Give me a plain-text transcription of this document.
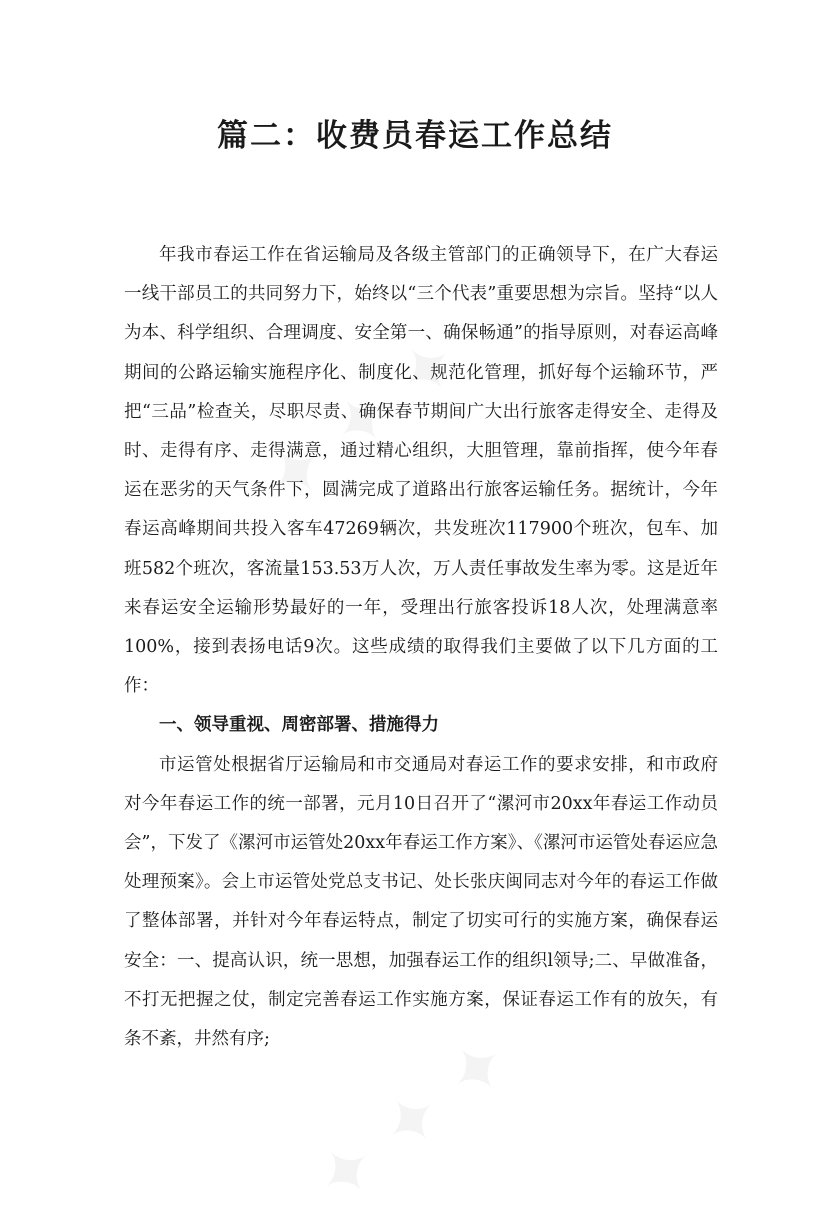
篇二：收费员春运工作总结

年我市春运工作在省运输局及各级主管部门的正确领导下，在广大春运一线干部员工的共同努力下，始终以“三个代表”重要思想为宗旨。坚持“以人为本、科学组织、合理调度、安全第一、确保畅通”的指导原则，对春运高峰期间的公路运输实施程序化、制度化、规范化管理，抓好每个运输环节，严把“三品”检查关，尽职尽责、确保春节期间广大出行旅客走得安全、走得及时、走得有序、走得满意，通过精心组织，大胆管理，靠前指挥，使今年春运在恶劣的天气条件下，圆满完成了道路出行旅客运输任务。据统计，今年春运高峰期间共投入客车47269辆次，共发班次117900个班次，包车、加班582个班次，客流量153.53万人次，万人责任事故发生率为零。这是近年来春运安全运输形势最好的一年，受理出行旅客投诉18人次，处理满意率100%，接到表扬电话9次。这些成绩的取得我们主要做了以下几方面的工作：

一、领导重视、周密部署、措施得力

市运管处根据省厅运输局和市交通局对春运工作的要求安排，和市政府对今年春运工作的统一部署，元月10日召开了“漯河市20xx年春运工作动员会”，下发了《漯河市运管处20xx年春运工作方案》、《漯河市运管处春运应急处理预案》。会上市运管处党总支书记、处长张庆闽同志对今年的春运工作做了整体部署，并针对今年春运特点，制定了切实可行的实施方案，确保春运安全：一、提高认识，统一思想，加强春运工作的组织l领导;二、早做准备，不打无把握之仗，制定完善春运工作实施方案，保证春运工作有的放矢，有条不紊，井然有序;
